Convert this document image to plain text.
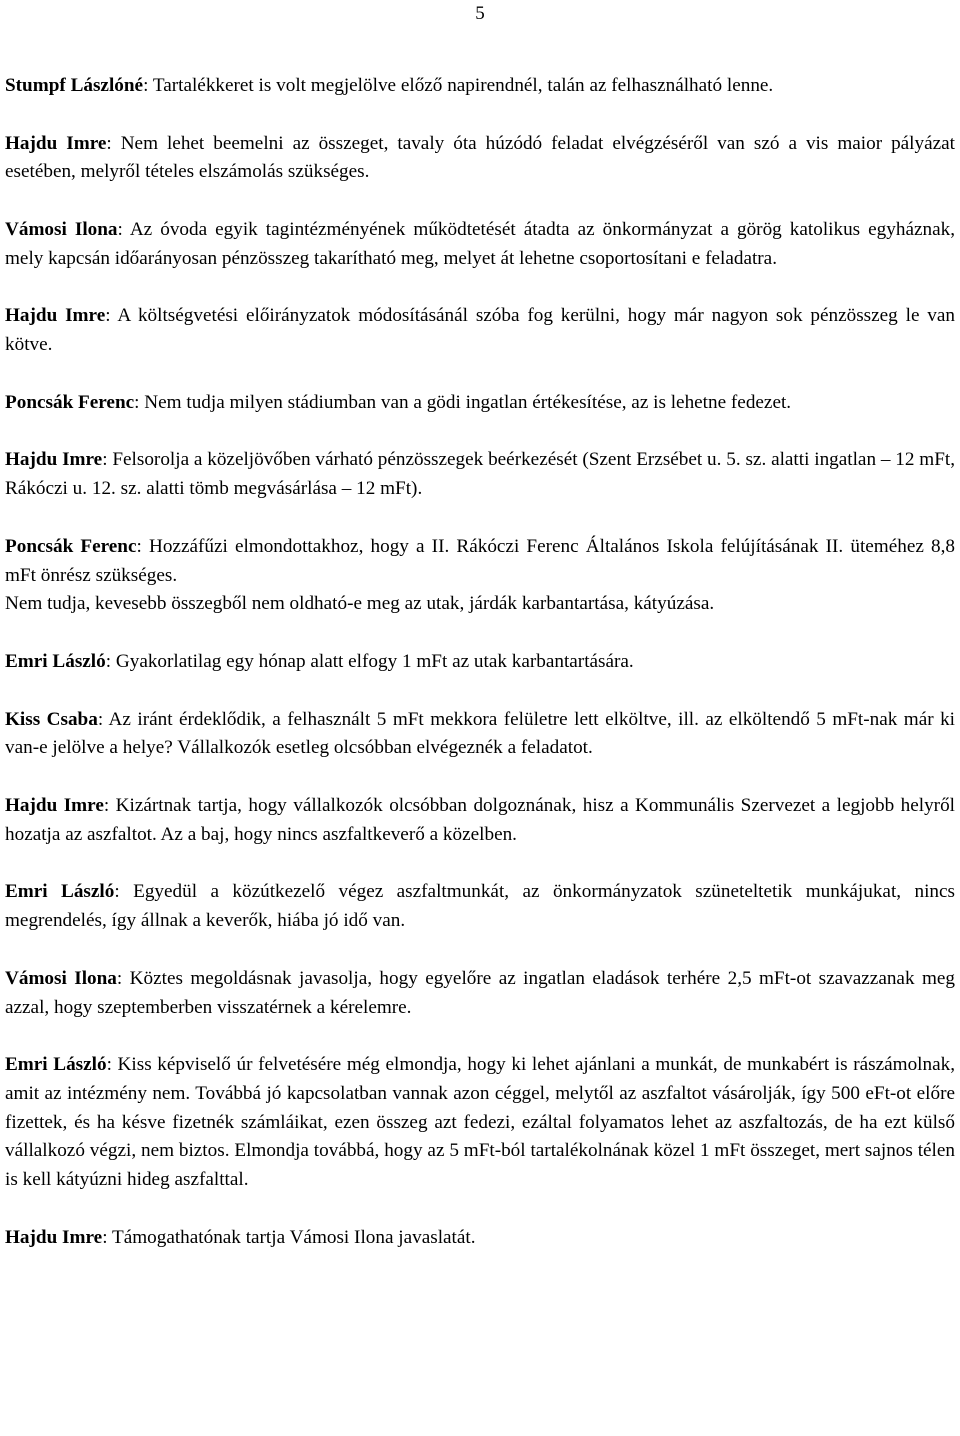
5

Stumpf Lászlóné: Tartalékkeret is volt megjelölve előző napirendnél, talán az felhasználható lenne.

Hajdu Imre: Nem lehet beemelni az összeget, tavaly óta húzódó feladat elvégzéséről van szó a vis maior pályázat esetében, melyről tételes elszámolás szükséges.

Vámosi Ilona: Az óvoda egyik tagintézményének működtetését átadta az önkormányzat a görög katolikus egyháznak, mely kapcsán időarányosan pénzösszeg takarítható meg, melyet át lehetne csoportosítani e feladatra.

Hajdu Imre: A költségvetési előirányzatok módosításánál szóba fog kerülni, hogy már nagyon sok pénzösszeg le van kötve.

Poncsák Ferenc: Nem tudja milyen stádiumban van a gödi ingatlan értékesítése, az is lehetne fedezet.

Hajdu Imre: Felsorolja a közeljövőben várható pénzösszegek beérkezését (Szent Erzsébet u. 5. sz. alatti ingatlan – 12 mFt, Rákóczi u. 12. sz. alatti tömb megvásárlása – 12 mFt).

Poncsák Ferenc: Hozzáfűzi elmondottakhoz, hogy a II. Rákóczi Ferenc Általános Iskola felújításának II. üteméhez 8,8 mFt önrész szükséges.

Nem tudja, kevesebb összegből nem oldható-e meg az utak, járdák karbantartása, kátyúzása.

Emri László: Gyakorlatilag egy hónap alatt elfogy 1 mFt az utak karbantartására.

Kiss Csaba: Az iránt érdeklődik, a felhasznált 5 mFt mekkora felületre lett elköltve, ill. az elköltendő 5 mFt-nak már ki van-e jelölve a helye? Vállalkozók esetleg olcsóbban elvégeznék a feladatot.

Hajdu Imre: Kizártnak tartja, hogy vállalkozók olcsóbban dolgoznának, hisz a Kommunális Szervezet a legjobb helyről hozatja az aszfaltot. Az a baj, hogy nincs aszfaltkeverő a közelben.

Emri László: Egyedül a közútkezelő végez aszfaltmunkát, az önkormányzatok szüneteltetik munkájukat, nincs megrendelés, így állnak a keverők, hiába jó idő van.

Vámosi Ilona: Köztes megoldásnak javasolja, hogy egyelőre az ingatlan eladások terhére 2,5 mFt-ot szavazzanak meg azzal, hogy szeptemberben visszatérnek a kérelemre.

Emri László: Kiss képviselő úr felvetésére még elmondja, hogy ki lehet ajánlani a munkát, de munkabért is rászámolnak, amit az intézmény nem. Továbbá jó kapcsolatban vannak azon céggel, melytől az aszfaltot vásárolják, így 500 eFt-ot előre fizettek, és ha késve fizetnék számláikat, ezen összeg azt fedezi, ezáltal folyamatos lehet az aszfaltozás, de ha ezt külső vállalkozó végzi, nem biztos. Elmondja továbbá, hogy az 5 mFt-ból tartalékolnának közel 1 mFt összeget, mert sajnos télen is kell kátyúzni hideg aszfalttal.

Hajdu Imre: Támogathatónak tartja Vámosi Ilona javaslatát.
